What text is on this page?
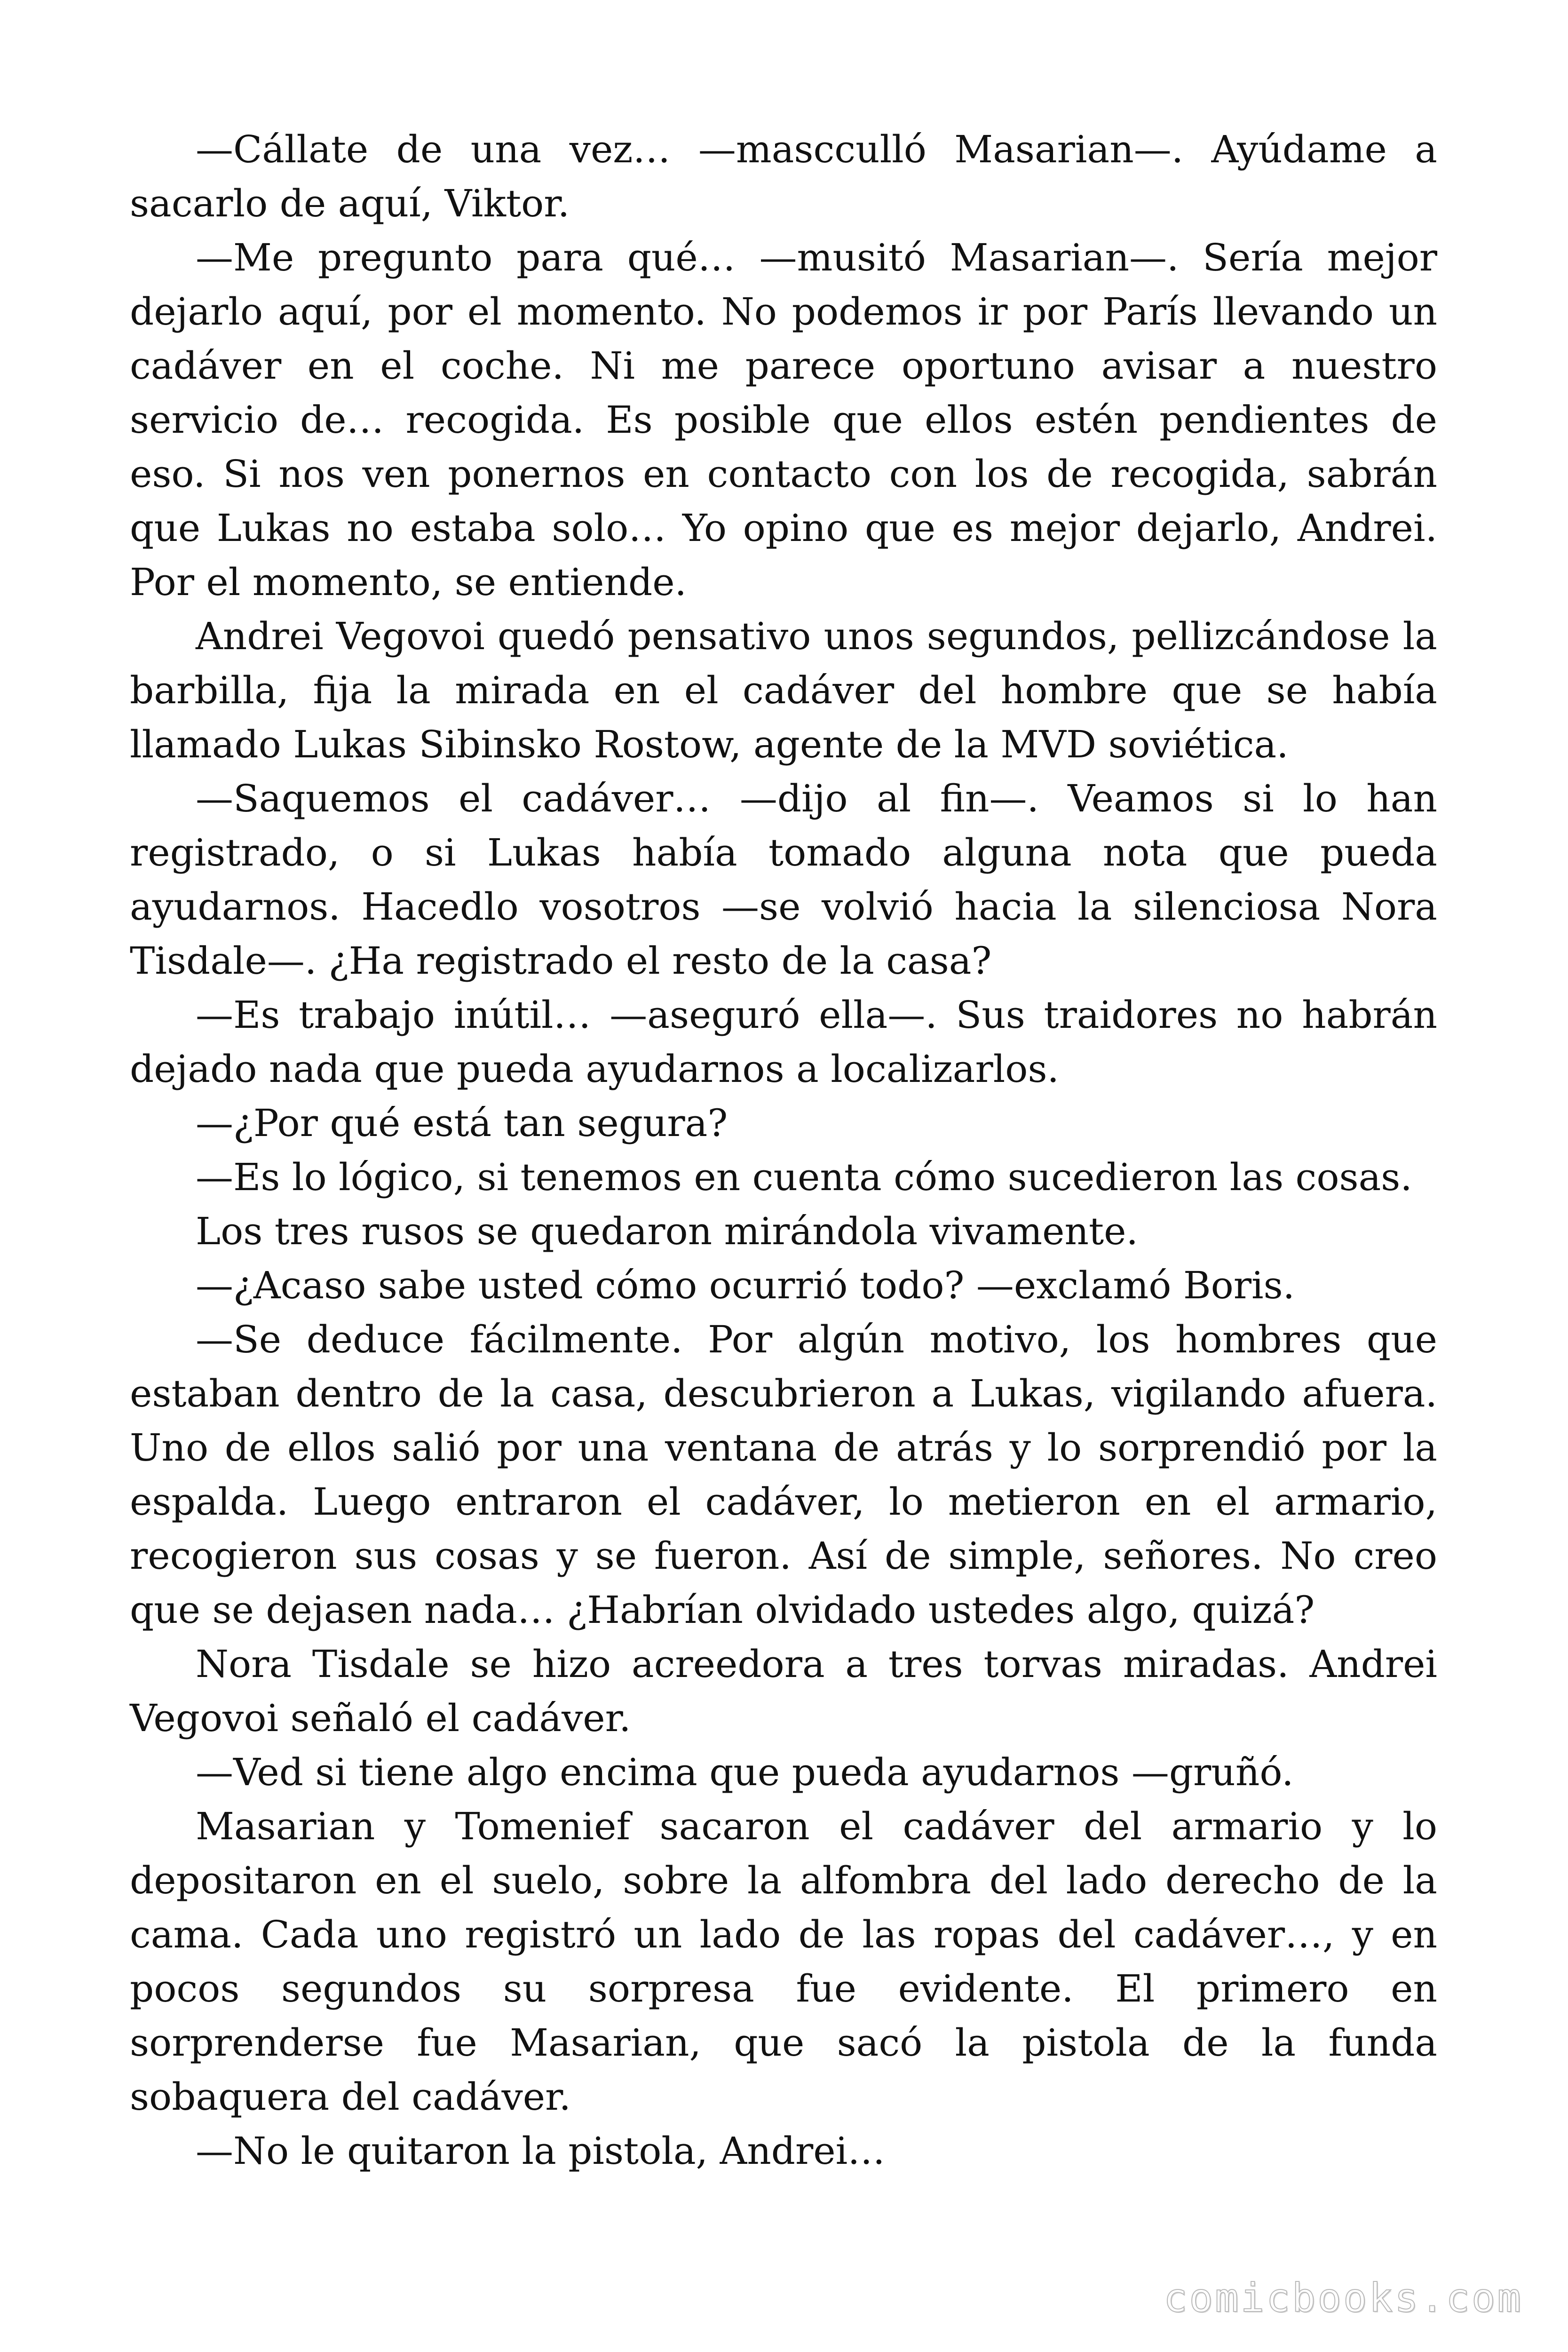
—Cállate de una vez… —mascculló Masarian—. Ayúdame a sacarlo de aquí, Viktor.

—Me pregunto para qué… —musitó Masarian—. Sería mejor dejarlo aquí, por el momento. No podemos ir por París llevando un cadáver en el coche. Ni me parece oportuno avisar a nuestro servicio de… recogida. Es posible que ellos estén pendientes de eso. Si nos ven ponernos en contacto con los de recogida, sabrán que Lukas no estaba solo… Yo opino que es mejor dejarlo, Andrei. Por el momento, se entiende.

Andrei Vegovoi quedó pensativo unos segundos, pellizcándose la barbilla, fija la mirada en el cadáver del hombre que se había llamado Lukas Sibinsko Rostow, agente de la MVD soviética.

—Saquemos el cadáver… —dijo al fin—. Veamos si lo han registrado, o si Lukas había tomado alguna nota que pueda ayudarnos. Hacedlo vosotros —se volvió hacia la silenciosa Nora Tisdale—. ¿Ha registrado el resto de la casa?

—Es trabajo inútil… —aseguró ella—. Sus traidores no habrán dejado nada que pueda ayudarnos a localizarlos.

—¿Por qué está tan segura?

—Es lo lógico, si tenemos en cuenta cómo sucedieron las cosas.

Los tres rusos se quedaron mirándola vivamente.

—¿Acaso sabe usted cómo ocurrió todo? —exclamó Boris.

—Se deduce fácilmente. Por algún motivo, los hombres que estaban dentro de la casa, descubrieron a Lukas, vigilando afuera. Uno de ellos salió por una ventana de atrás y lo sorprendió por la espalda. Luego entraron el cadáver, lo metieron en el armario, recogieron sus cosas y se fueron. Así de simple, señores. No creo que se dejasen nada… ¿Habrían olvidado ustedes algo, quizá?

Nora Tisdale se hizo acreedora a tres torvas miradas. Andrei Vegovoi señaló el cadáver.

—Ved si tiene algo encima que pueda ayudarnos —gruñó.

Masarian y Tomenief sacaron el cadáver del armario y lo depositaron en el suelo, sobre la alfombra del lado derecho de la cama. Cada uno registró un lado de las ropas del cadáver…, y en pocos segundos su sorpresa fue evidente. El primero en sorprenderse fue Masarian, que sacó la pistola de la funda sobaquera del cadáver.

—No le quitaron la pistola, Andrei…

comicbooks.com
